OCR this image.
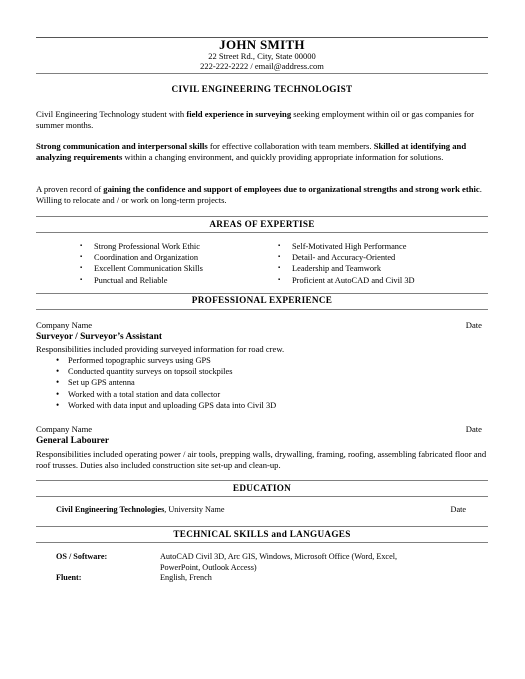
JOHN SMITH
22 Street Rd., City, State 00000
222-222-2222 / email@address.com
CIVIL ENGINEERING TECHNOLOGIST
Civil Engineering Technology student with field experience in surveying seeking employment within oil or gas companies for summer months.
Strong communication and interpersonal skills for effective collaboration with team members. Skilled at identifying and analyzing requirements within a changing environment, and quickly providing appropriate information for solutions.
A proven record of gaining the confidence and support of employees due to organizational strengths and strong work ethic. Willing to relocate and / or work on long-term projects.
AREAS OF EXPERTISE
▪ Strong Professional Work Ethic
▪ Coordination and Organization
▪ Excellent Communication Skills
▪ Punctual and Reliable
▪ Self-Motivated High Performance
▪ Detail- and Accuracy-Oriented
▪ Leadership and Teamwork
▪ Proficient at AutoCAD and Civil 3D
PROFESSIONAL EXPERIENCE
Company Name	Date
Surveyor / Surveyor’s Assistant
Responsibilities included providing surveyed information for road crew.
• Performed topographic surveys using GPS
• Conducted quantity surveys on topsoil stockpiles
• Set up GPS antenna
• Worked with a total station and data collector
• Worked with data input and uploading GPS data into Civil 3D
Company Name	Date
General Labourer
Responsibilities included operating power / air tools, prepping walls, drywalling, framing, roofing, assembling fabricated floor and roof trusses. Duties also included construction site set-up and clean-up.
EDUCATION
Civil Engineering Technologies, University Name	Date
TECHNICAL SKILLS and LANGUAGES
OS / Software:	AutoCAD Civil 3D, Arc GIS, Windows, Microsoft Office (Word, Excel, PowerPoint, Outlook Access)
Fluent:	English, French
